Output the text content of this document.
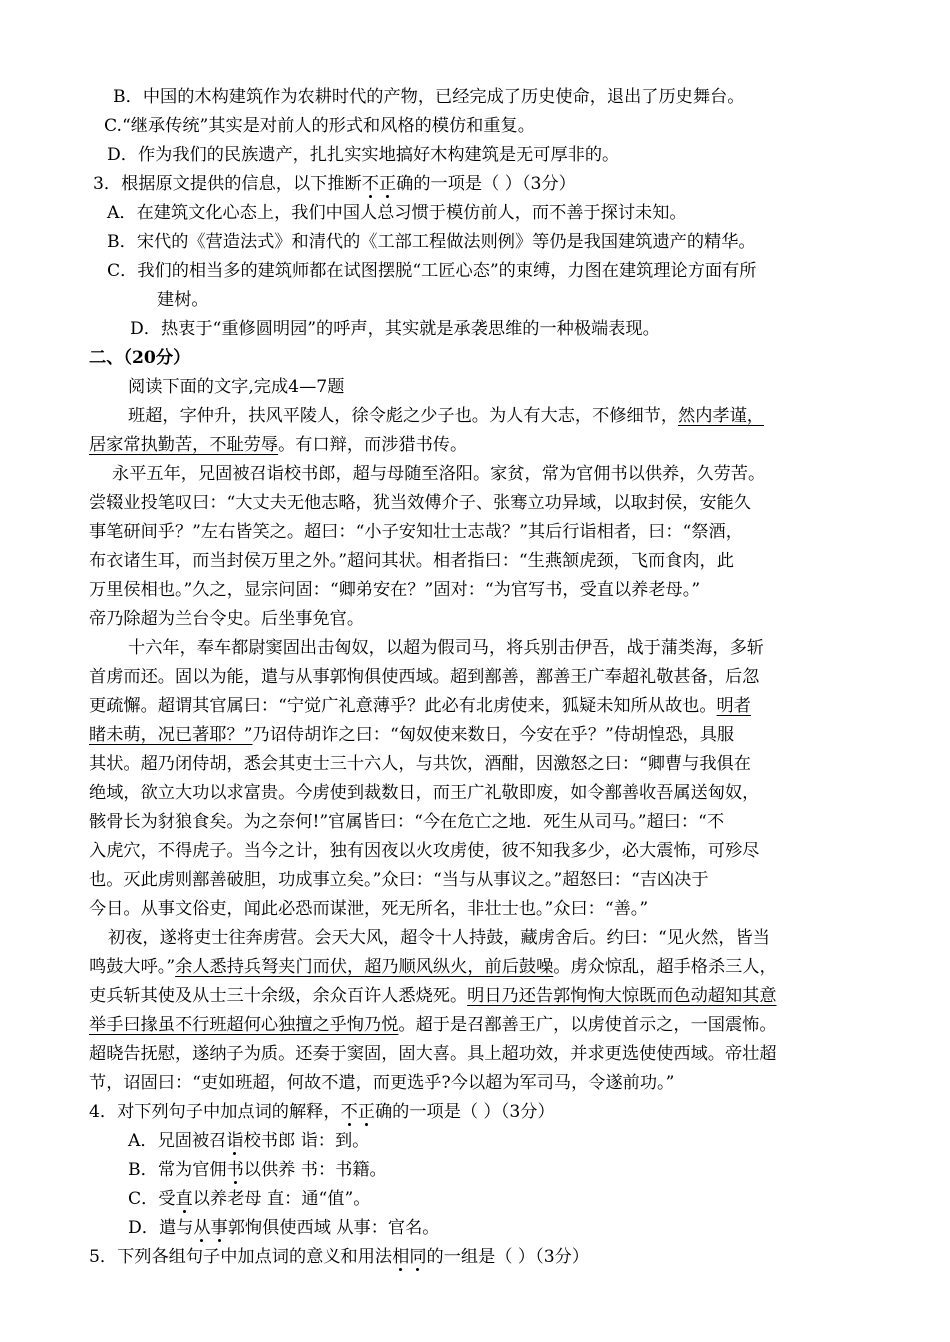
B．中国的木构建筑作为农耕时代的产物，已经完成了历史使命，退出了历史舞台。
C.“继承传统”其实是对前人的形式和风格的模仿和重复。
D．作为我们的民族遗产，扎扎实实地搞好木构建筑是无可厚非的。
3．根据原文提供的信息，以下推断不正确的一项是（ ）（3分）
A．在建筑文化心态上，我们中国人总习惯于模仿前人，而不善于探讨未知。
B．宋代的《营造法式》和清代的《工部工程做法则例》等仍是我国建筑遗产的精华。
C．我们的相当多的建筑师都在试图摆脱“工匠心态”的束缚，力图在建筑理论方面有所
建树。
D．热衷于“重修圆明园”的呼声，其实就是承袭思维的一种极端表现。
二、（20分）
阅读下面的文字,完成4—7题
班超，字仲升，扶风平陵人，徐令彪之少子也。为人有大志，不修细节，然内孝谨，
居家常执勤苦，不耻劳辱。有口辩，而涉猎书传。
永平五年，兄固被召诣校书郎，超与母随至洛阳。家贫，常为官佣书以供养，久劳苦。
尝辍业投笔叹曰：“大丈夫无他志略，犹当效傅介子、张骞立功异域，以取封侯，安能久
事笔研间乎？”左右皆笑之。超曰：“小子安知壮士志哉？”其后行诣相者，曰：“祭酒，
布衣诸生耳，而当封侯万里之外。”超问其状。相者指曰：“生燕颔虎颈，飞而食肉，此
万里侯相也。”久之，显宗问固：“卿弟安在？”固对：“为官写书，受直以养老母。”
帝乃除超为兰台令史。后坐事免官。
十六年，奉车都尉窦固出击匈奴，以超为假司马，将兵别击伊吾，战于蒲类海，多斩
首虏而还。固以为能，遣与从事郭恂俱使西域。超到鄯善，鄯善王广奉超礼敬甚备，后忽
更疏懈。超谓其官属曰：“宁觉广礼意薄乎？此必有北虏使来，狐疑未知所从故也。明者
睹未萌，况已著耶？”乃诏侍胡诈之曰：“匈奴使来数日，今安在乎？”侍胡惶恐，具服
其状。超乃闭侍胡，悉会其吏士三十六人，与共饮，酒酣，因激怒之曰：“卿曹与我俱在
绝域，欲立大功以求富贵。今虏使到裁数日，而王广礼敬即废，如令鄯善收吾属送匈奴，
骸骨长为豺狼食矣。为之奈何!”官属皆曰：“今在危亡之地．死生从司马。”超曰：“不
入虎穴，不得虎子。当今之计，独有因夜以火攻虏使，彼不知我多少，必大震怖，可殄尽
也。灭此虏则鄯善破胆，功成事立矣。”众曰：“当与从事议之。”超怒曰：“吉凶决于
今日。从事文俗吏，闻此必恐而谋泄，死无所名，非壮士也。”众曰：“善。”
初夜，遂将吏士往奔虏营。会天大风，超令十人持鼓，藏虏舍后。约曰：“见火然，皆当
鸣鼓大呼。”余人悉持兵弩夹门而伏，超乃顺风纵火，前后鼓噪。虏众惊乱，超手格杀三人，
吏兵斩其使及从士三十余级，余众百许人悉烧死。明日乃还告郭恂恂大惊既而色动超知其意
举手曰掾虽不行班超何心独擅之乎恂乃悦。超于是召鄯善王广，以虏使首示之，一国震怖。
超晓告抚慰，遂纳子为质。还奏于窦固，固大喜。具上超功效，并求更选使使西域。帝壮超
节，诏固曰：“吏如班超，何故不遣，而更选乎?今以超为军司马，令遂前功。”
4．对下列句子中加点词的解释，不正确的一项是（ ）（3分）
A．兄固被召诣校书郎 诣：到。
B．常为官佣书以供养 书：书籍。
C．受直以养老母 直：通“值”。
D．遣与从事郭恂俱使西域 从事：官名。
5．下列各组句子中加点词的意义和用法相同的一组是（ ）（3分）
